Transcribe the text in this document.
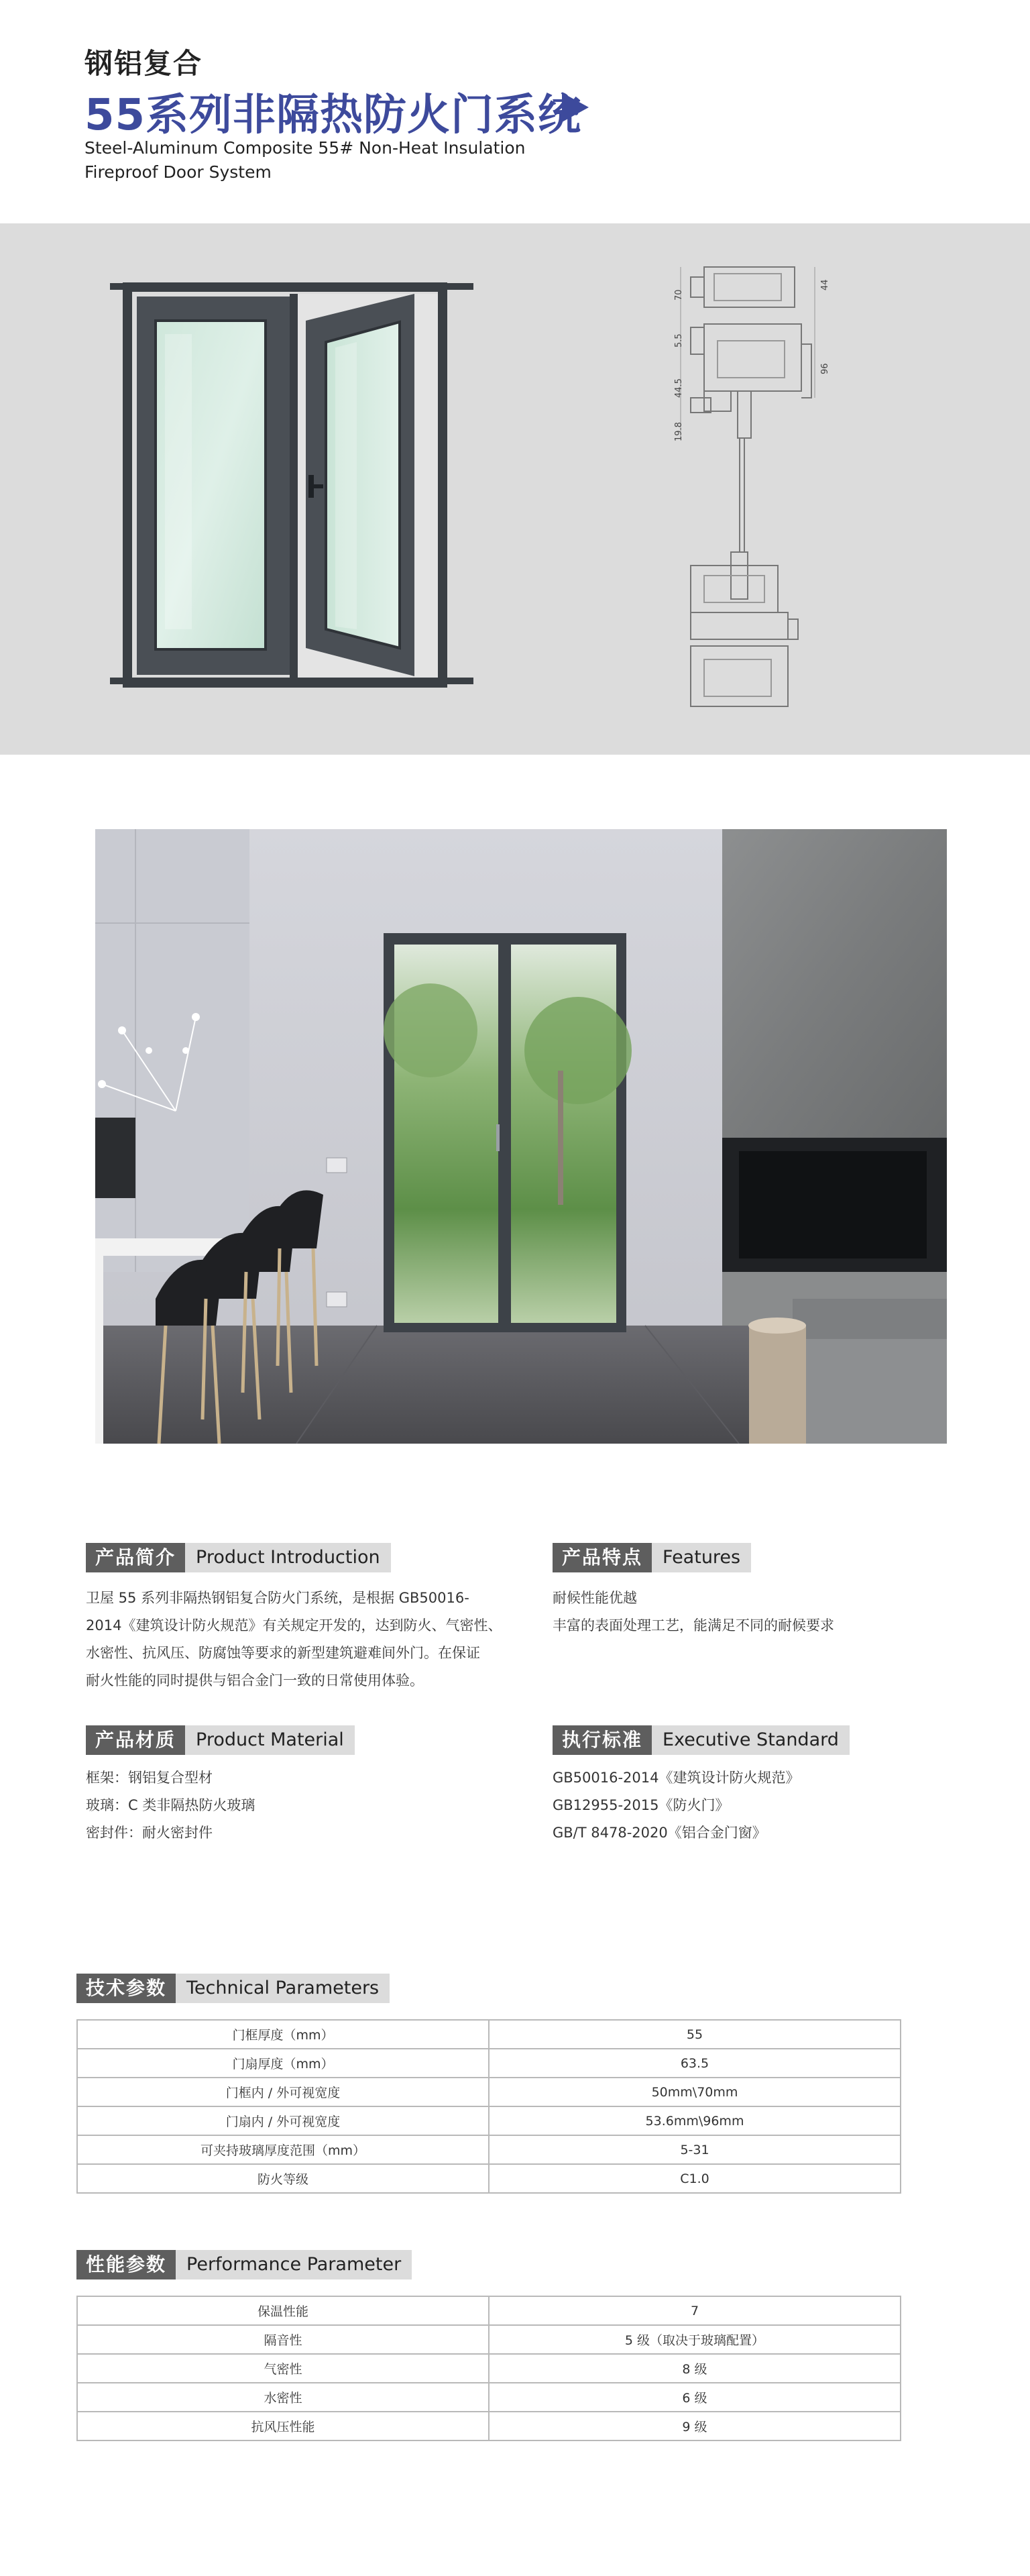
钢铝复合
55系列非隔热防火门系统
Steel-Aluminum Composite 55# Non-Heat Insulation
Fireproof Door System
70
5.5
44.5
19.8
44
96
产品简介	Product Introduction
卫屋 55 系列非隔热钢铝复合防火门系统，是根据 GB50016-
2014《建筑设计防火规范》有关规定开发的，达到防火、气密性、
水密性、抗风压、防腐蚀等要求的新型建筑避难间外门。在保证
耐火性能的同时提供与铝合金门一致的日常使用体验。
产品特点	Features
耐候性能优越
丰富的表面处理工艺，能满足不同的耐候要求
产品材质	Product Material
框架：钢铝复合型材
玻璃：C 类非隔热防火玻璃
密封件：耐火密封件
执行标准	Executive Standard
GB50016-2014《建筑设计防火规范》
GB12955-2015《防火门》
GB/T 8478-2020《铝合金门窗》
技术参数	Technical Parameters
门框厚度（mm）	55
门扇厚度（mm）	63.5
门框内 / 外可视宽度	50mm\70mm
门扇内 / 外可视宽度	53.6mm\96mm
可夹持玻璃厚度范围（mm）	5-31
防火等级	C1.0
性能参数	Performance Parameter
保温性能	7
隔音性	5 级（取决于玻璃配置）
气密性	8 级
水密性	6 级
抗风压性能	9 级
